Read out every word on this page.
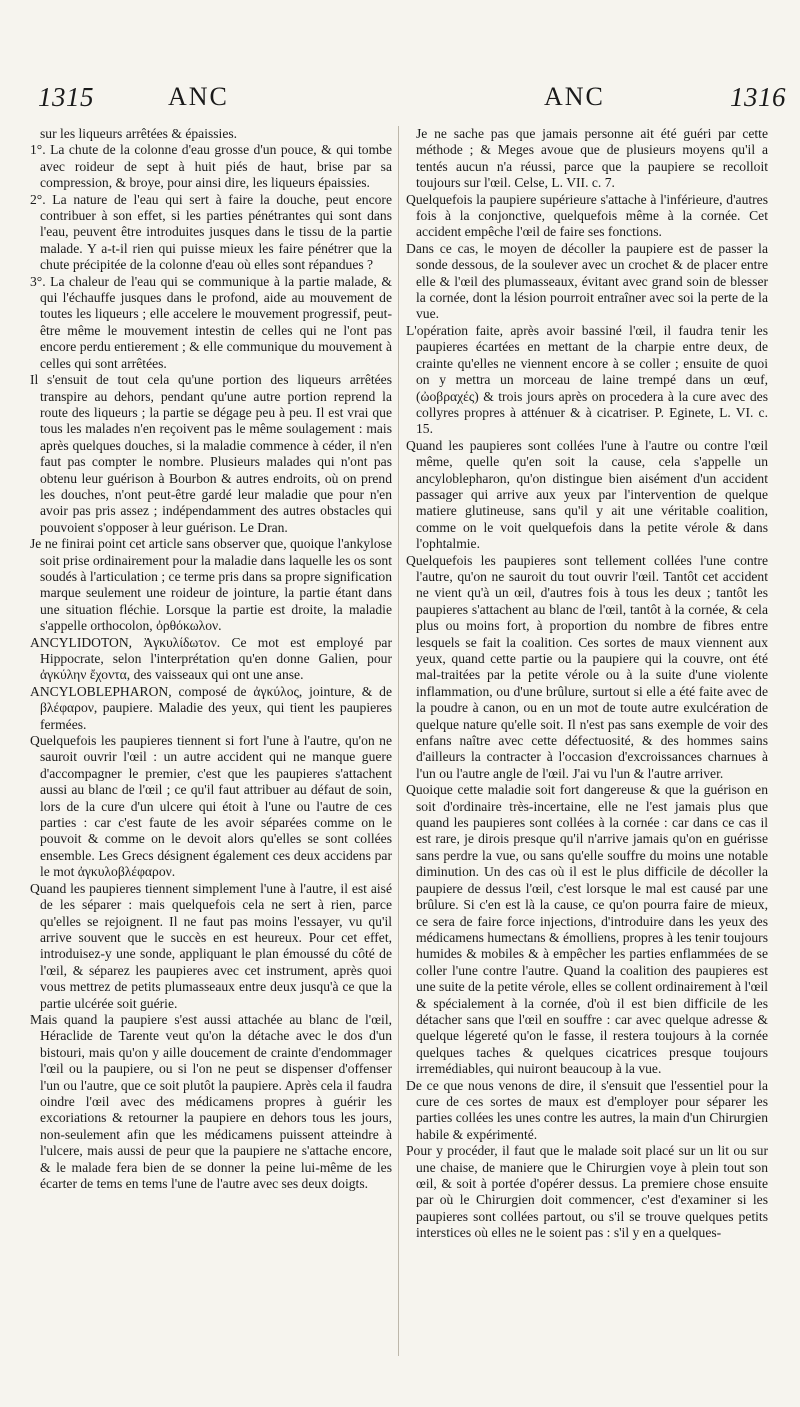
1315	ANC	ANC	1316

sur les liqueurs arrêtées & épaissies.

1°. La chute de la colonne d'eau grosse d'un pouce, & qui tombe avec roideur de sept à huit piés de haut, brise par sa compression, & broye, pour ainsi dire, les liqueurs épaissies.

2°. La nature de l'eau qui sert à faire la douche, peut encore contribuer à son effet, si les parties pénétrantes qui sont dans l'eau, peuvent être introduites jusques dans le tissu de la partie malade. Y a-t-il rien qui puisse mieux les faire pénétrer que la chute précipitée de la colonne d'eau où elles sont répandues ?

3°. La chaleur de l'eau qui se communique à la partie malade, & qui l'échauffe jusques dans le profond, aide au mouvement de toutes les liqueurs ; elle accelere le mouvement progressif, peut-être même le mouvement intestin de celles qui ne l'ont pas encore perdu entierement ; & elle communique du mouvement à celles qui sont arrêtées.

Il s'ensuit de tout cela qu'une portion des liqueurs arrêtées transpire au dehors, pendant qu'une autre portion reprend la route des liqueurs ; la partie se dégage peu à peu. Il est vrai que tous les malades n'en reçoivent pas le même soulagement : mais après quelques douches, si la maladie commence à céder, il n'en faut pas compter le nombre. Plusieurs malades qui n'ont pas obtenu leur guérison à Bourbon & autres endroits, où on prend les douches, n'ont peut-être gardé leur maladie que pour n'en avoir pas pris assez ; indépendamment des autres obstacles qui pouvoient s'opposer à leur guérison. Le Dran.

Je ne finirai point cet article sans observer que, quoique l'ankylose soit prise ordinairement pour la maladie dans laquelle les os sont soudés à l'articulation ; ce terme pris dans sa propre signification marque seulement une roideur de jointure, la partie étant dans une situation fléchie. Lorsque la partie est droite, la maladie s'appelle orthocolon, ὀρθόκωλον.

ANCYLIDOTON, Ἀγκυλίδωτον. Ce mot est employé par Hippocrate, selon l'interprétation qu'en donne Galien, pour ἀγκύλην ἔχοντα, des vaisseaux qui ont une anse.

ANCYLOBLEPHARON, composé de ἀγκύλος, jointure, & de βλέφαρον, paupiere. Maladie des yeux, qui tient les paupieres fermées.

Quelquefois les paupieres tiennent si fort l'une à l'autre, qu'on ne sauroit ouvrir l'œil : un autre accident qui ne manque guere d'accompagner le premier, c'est que les paupieres s'attachent aussi au blanc de l'œil ; ce qu'il faut attribuer au défaut de soin, lors de la cure d'un ulcere qui étoit à l'une ou l'autre de ces parties : car c'est faute de les avoir séparées comme on le pouvoit & comme on le devoit alors qu'elles se sont collées ensemble. Les Grecs désignent également ces deux accidens par le mot ἀγκυλοβλέφαρον.

Quand les paupieres tiennent simplement l'une à l'autre, il est aisé de les séparer : mais quelquefois cela ne sert à rien, parce qu'elles se rejoignent. Il ne faut pas moins l'essayer, vu qu'il arrive souvent que le succès en est heureux. Pour cet effet, introduisez-y une sonde, appliquant le plan émoussé du côté de l'œil, & séparez les paupieres avec cet instrument, après quoi vous mettrez de petits plumasseaux entre deux jusqu'à ce que la partie ulcérée soit guérie.

Mais quand la paupiere s'est aussi attachée au blanc de l'œil, Héraclide de Tarente veut qu'on la détache avec le dos d'un bistouri, mais qu'on y aille doucement de crainte d'endommager l'œil ou la paupiere, ou si l'on ne peut se dispenser d'offenser l'un ou l'autre, que ce soit plutôt la paupiere. Après cela il faudra oindre l'œil avec des médicamens propres à guérir les excoriations & retourner la paupiere en dehors tous les jours, non-seulement afin que les médicamens puissent atteindre à l'ulcere, mais aussi de peur que la paupiere ne s'attache encore, & le malade fera bien de se donner la peine lui-même de les écarter de tems en tems l'une de l'autre avec ses deux doigts.

Je ne sache pas que jamais personne ait été guéri par cette méthode ; & Meges avoue que de plusieurs moyens qu'il a tentés aucun n'a réussi, parce que la paupiere se recolloit toujours sur l'œil. Celse, L. VII. c. 7.

Quelquefois la paupiere supérieure s'attache à l'inférieure, d'autres fois à la conjonctive, quelquefois même à la cornée. Cet accident empêche l'œil de faire ses fonctions.

Dans ce cas, le moyen de décoller la paupiere est de passer la sonde dessous, de la soulever avec un crochet & de placer entre elle & l'œil des plumasseaux, évitant avec grand soin de blesser la cornée, dont la lésion pourroit entraîner avec soi la perte de la vue.

L'opération faite, après avoir bassiné l'œil, il faudra tenir les paupieres écartées en mettant de la charpie entre deux, de crainte qu'elles ne viennent encore à se coller ; ensuite de quoi on y mettra un morceau de laine trempé dans un œuf, (ὠοβραχές) & trois jours après on procedera à la cure avec des collyres propres à atténuer & à cicatriser. P. Eginete, L. VI. c. 15.

Quand les paupieres sont collées l'une à l'autre ou contre l'œil même, quelle qu'en soit la cause, cela s'appelle un ancyloblepharon, qu'on distingue bien aisément d'un accident passager qui arrive aux yeux par l'intervention de quelque matiere glutineuse, sans qu'il y ait une véritable coalition, comme on le voit quelquefois dans la petite vérole & dans l'ophtalmie.

Quelquefois les paupieres sont tellement collées l'une contre l'autre, qu'on ne sauroit du tout ouvrir l'œil. Tantôt cet accident ne vient qu'à un œil, d'autres fois à tous les deux ; tantôt les paupieres s'attachent au blanc de l'œil, tantôt à la cornée, & cela plus ou moins fort, à proportion du nombre de fibres entre lesquels se fait la coalition. Ces sortes de maux viennent aux yeux, quand cette partie ou la paupiere qui la couvre, ont été mal-traitées par la petite vérole ou à la suite d'une violente inflammation, ou d'une brûlure, surtout si elle a été faite avec de la poudre à canon, ou en un mot de toute autre exulcération de quelque nature qu'elle soit. Il n'est pas sans exemple de voir des enfans naître avec cette défectuosité, & des hommes sains d'ailleurs la contracter à l'occasion d'excroissances charnues à l'un ou l'autre angle de l'œil. J'ai vu l'un & l'autre arriver.

Quoique cette maladie soit fort dangereuse & que la guérison en soit d'ordinaire très-incertaine, elle ne l'est jamais plus que quand les paupieres sont collées à la cornée : car dans ce cas il est rare, je dirois presque qu'il n'arrive jamais qu'on en guérisse sans perdre la vue, ou sans qu'elle souffre du moins une notable diminution. Un des cas où il est le plus difficile de décoller la paupiere de dessus l'œil, c'est lorsque le mal est causé par une brûlure. Si c'en est là la cause, ce qu'on pourra faire de mieux, ce sera de faire force injections, d'introduire dans les yeux des médicamens humectans & émolliens, propres à les tenir toujours humides & mobiles & à empêcher les parties enflammées de se coller l'une contre l'autre. Quand la coalition des paupieres est une suite de la petite vérole, elles se collent ordinairement à l'œil & spécialement à la cornée, d'où il est bien difficile de les détacher sans que l'œil en souffre : car avec quelque adresse & quelque légereté qu'on le fasse, il restera toujours à la cornée quelques taches & quelques cicatrices presque toujours irremédiables, qui nuiront beaucoup à la vue.

De ce que nous venons de dire, il s'ensuit que l'essentiel pour la cure de ces sortes de maux est d'employer pour séparer les parties collées les unes contre les autres, la main d'un Chirurgien habile & expérimenté.

Pour y procéder, il faut que le malade soit placé sur un lit ou sur une chaise, de maniere que le Chirurgien voye à plein tout son œil, & soit à portée d'opérer dessus. La premiere chose ensuite par où le Chirurgien doit commencer, c'est d'examiner si les paupieres sont collées partout, ou s'il se trouve quelques petits interstices où elles ne le soient pas : s'il y en a quelques-
